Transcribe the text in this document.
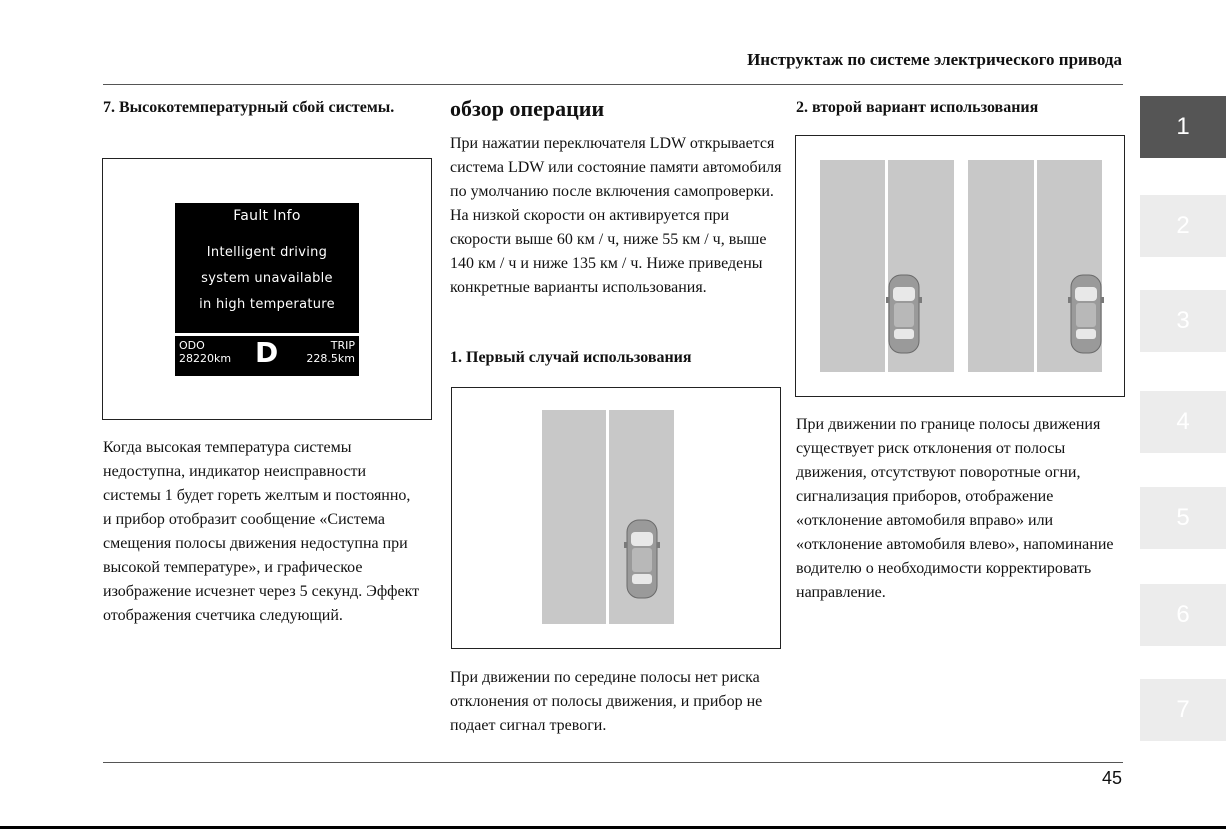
Инструктаж по системе электрического привода
7. Высокотемпературный сбой системы.
Fault Info
Intelligent driving
system unavailable
in high temperature
ODO
28220km D	TRIP
228.5km
Когда высокая температура системы недоступна, индикатор неисправности системы 1 будет гореть желтым и постоянно, и прибор отобразит сообщение «Система смещения полосы движения недоступна при высокой температуре», и графическое изображение исчезнет через 5 секунд. Эффект отображения счетчика следующий.
обзор операции
При нажатии переключателя LDW открывается система LDW или состояние памяти автомобиля по умолчанию после включения самопроверки. На низкой скорости он активируется при скорости выше 60 км / ч, ниже 55 км / ч, выше 140 км / ч и ниже 135 км / ч. Ниже приведены конкретные варианты использования.
1. Первый случай использования
При движении по середине полосы нет риска отклонения от полосы движения, и прибор не подает сигнал тревоги.
2. второй вариант использования
При движении по границе полосы движения существует риск отклонения от полосы движения, отсутствуют поворотные огни, сигнализация приборов, отображение «отклонение автомобиля вправо» или «отклонение автомобиля влево», напоминание водителю о необходимости корректировать направление.
1
2
3
4
5
6
7
45
